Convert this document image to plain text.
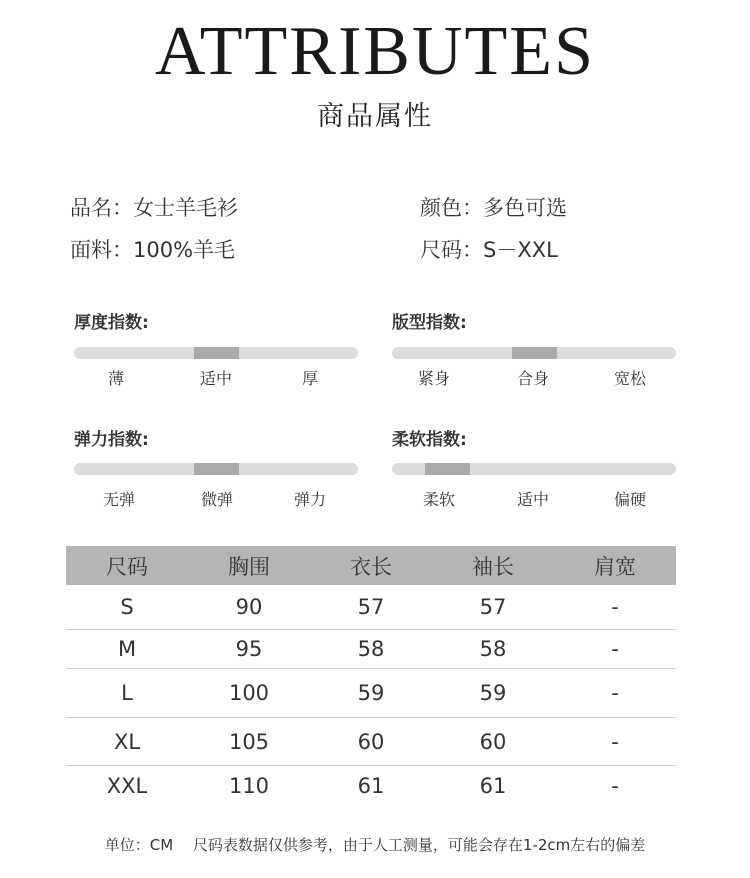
ATTRIBUTES
商品属性
品名：女士羊毛衫	颜色：多色可选
面料：100%羊毛	尺码：S－XXL
厚度指数:
薄	适中	厚
版型指数:
紧身	合身	宽松
弹力指数:
无弹	微弹	弹力
柔软指数:
柔软	适中	偏硬
尺码	胸围	衣长	袖长	肩宽
S	90	57	57	-
M	95	58	58	-
L	100	59	59	-
XL	105	60	60	-
XXL	110	61	61	-
单位：CM　 尺码表数据仅供参考，由于人工测量，可能会存在1-2cm左右的偏差
